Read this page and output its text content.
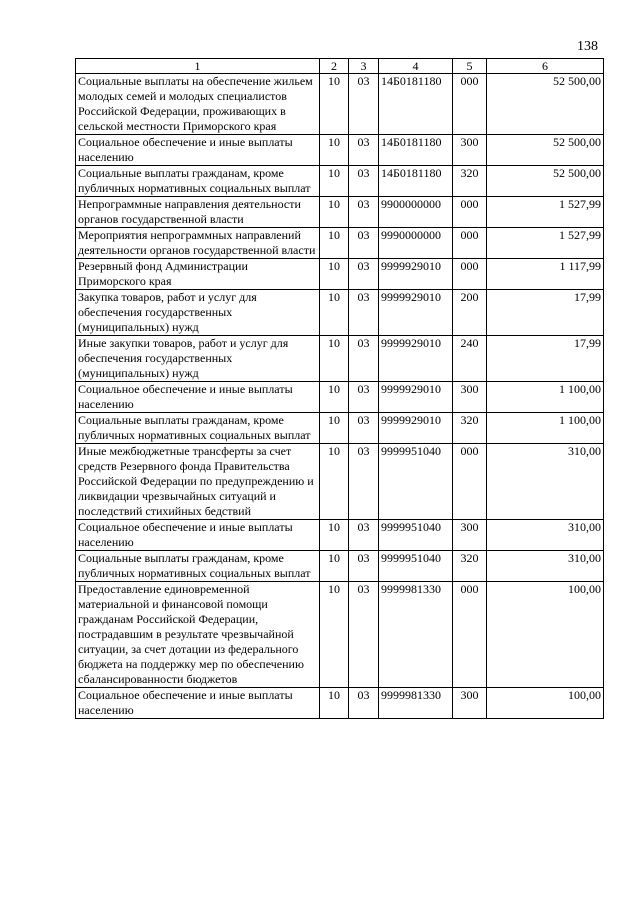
138
1	2	3	4	5	6
Социальные выплаты на обеспечение жильем молодых семей и молодых специалистов Российской Федерации, проживающих в сельской местности Приморского края	10	03	14Б0181180	000	52 500,00
Социальное обеспечение и иные выплаты населению	10	03	14Б0181180	300	52 500,00
Социальные выплаты гражданам, кроме публичных нормативных социальных выплат	10	03	14Б0181180	320	52 500,00
Непрограммные направления деятельности органов государственной власти	10	03	9900000000	000	1 527,99
Мероприятия непрограммных направлений деятельности органов государственной власти	10	03	9990000000	000	1 527,99
Резервный фонд Администрации Приморского края	10	03	9999929010	000	1 117,99
Закупка товаров, работ и услуг для обеспечения государственных (муниципальных) нужд	10	03	9999929010	200	17,99
Иные закупки товаров, работ и услуг для обеспечения государственных (муниципальных) нужд	10	03	9999929010	240	17,99
Социальное обеспечение и иные выплаты населению	10	03	9999929010	300	1 100,00
Социальные выплаты гражданам, кроме публичных нормативных социальных выплат	10	03	9999929010	320	1 100,00
Иные межбюджетные трансферты за счет средств Резервного фонда Правительства Российской Федерации по предупреждению и ликвидации чрезвычайных ситуаций и последствий стихийных бедствий	10	03	9999951040	000	310,00
Социальное обеспечение и иные выплаты населению	10	03	9999951040	300	310,00
Социальные выплаты гражданам, кроме публичных нормативных социальных выплат	10	03	9999951040	320	310,00
Предоставление единовременной материальной и финансовой помощи гражданам Российской Федерации, пострадавшим в результате чрезвычайной ситуации, за счет дотации из федерального бюджета на поддержку мер по обеспечению сбалансированности бюджетов	10	03	9999981330	000	100,00
Социальное обеспечение и иные выплаты населению	10	03	9999981330	300	100,00
